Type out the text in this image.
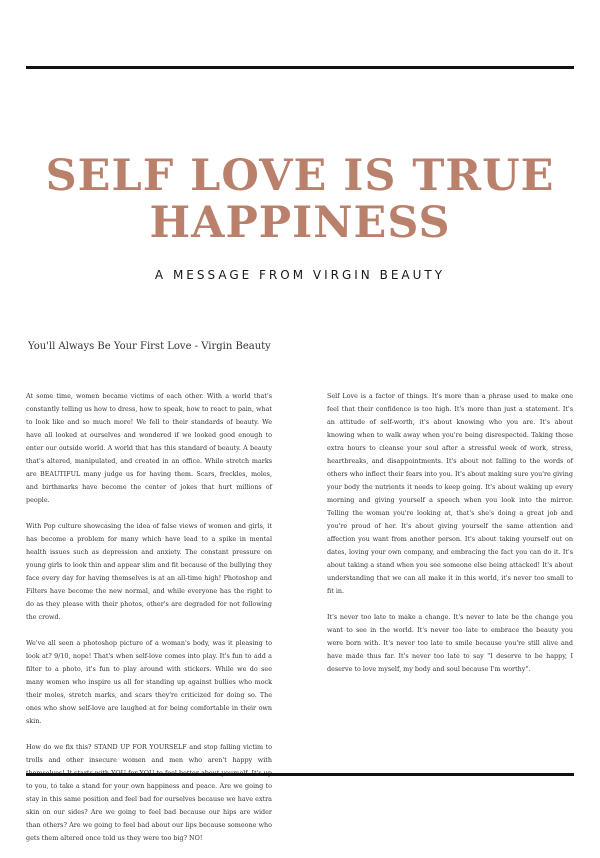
SELF LOVE IS TRUE
HAPPINESS
A MESSAGE FROM VIRGIN BEAUTY
You'll Always Be Your First Love - Virgin Beauty

At some time, women became victims of each other. With a world that's constantly telling us how to dress, how to speak, how to react to pain, what to look like and so much more! We fell to their standards of beauty. We have all looked at ourselves and wondered if we looked good enough to enter our outside world. A world that has this standard of beauty. A beauty that's altered, manipulated, and created in an office. While stretch marks are BEAUTIFUL many judge us for having them. Scars, freckles, moles, and birthmarks have become the center of jokes that hurt millions of people.

With Pop culture showcasing the idea of false views of women and girls, it has become a problem for many which have lead to a spike in mental health issues such as depression and anxiety. The constant pressure on young girls to look thin and appear slim and fit because of the bullying they face every day for having themselves is at an all-time high! Photoshop and Filters have become the new normal, and while everyone has the right to do as they please with their photos, other's are degraded for not following the crowd.

We've all seen a photoshop picture of a woman's body, was it pleasing to look at? 9/10, nope! That's when self-love comes into play. It's fun to add a filter to a photo, it's fun to play around with stickers. While we do see many women who inspire us all for standing up against bullies who mock their moles, stretch marks, and scars they're criticized for doing so. The ones who show self-love are laughed at for being comfortable in their own skin.

How do we fix this? STAND UP FOR YOURSELF and stop falling victim to trolls and other insecure women and men who aren't happy with to you, to take a stand for your own happiness and peace. Are we going to stay in this same position and feel bad for ourselves because we have extra skin on our sides? Are we going to feel bad because our hips are wider than others? Are we going to feel bad about our lips because someone who gets them altered once told us they were too big? NO!

Self Love is a factor of things. It's more than a phrase used to make one feel that their confidence is too high. It's more than just a statement. It's an attitude of self-worth, it's about knowing who you are. It's about knowing when to walk away when you're being disrespected. Taking those extra hours to cleanse your soul after a stressful week of work, stress, heartbreaks, and disappointments. It's about not falling to the words of others who inflect their fears into you. It's about making sure you're giving your body the nutrients it needs to keep going. It's about waking up every morning and giving yourself a speech when you look into the mirror. Telling the woman you're looking at, that's she's doing a great job and you're proud of her. It's about giving yourself the same attention and affection you want from another person. It's about taking yourself out on dates, loving your own company, and embracing the fact you can do it. It's about taking a stand when you see someone else being attacked! It's about understanding that we can all make it in this world, it's never too small to fit in.

It's never too late to make a change. It's never to late be the change you want to see in the world. It's never too late to embrace the beauty you were born with. It's never too late to smile because you're still alive and have made thus far. It's never too late to say "I deserve to be happy, I deserve to love myself, my body and soul because I'm worthy".
